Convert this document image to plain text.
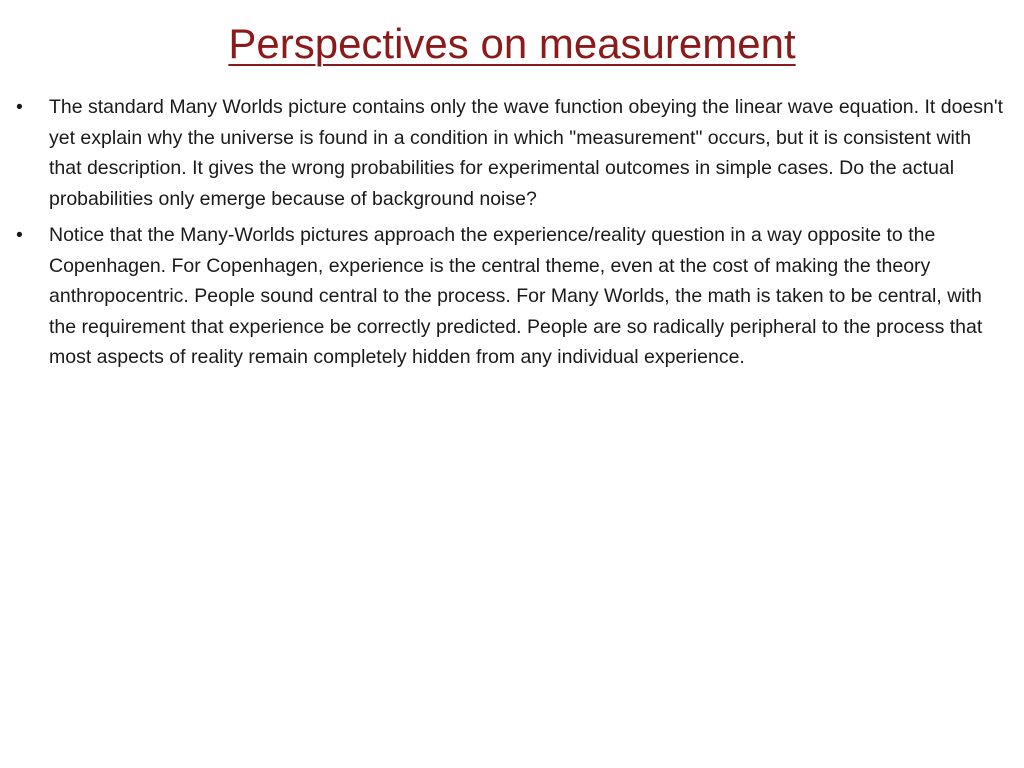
Perspectives on measurement
•	The standard Many Worlds picture contains only the wave function obeying the linear wave equation. It doesn't yet explain why the universe is found in a condition in which "measurement" occurs, but it is consistent with that description. It gives the wrong probabilities for experimental outcomes in simple cases. Do the actual probabilities only emerge because of background noise?
•	Notice that the Many-Worlds pictures approach the experience/reality question in a way opposite to the Copenhagen. For Copenhagen, experience is the central theme, even at the cost of making the theory anthropocentric. People sound central to the process. For Many Worlds, the math is taken to be central, with the requirement that experience be correctly predicted. People are so radically peripheral to the process that most aspects of reality remain completely hidden from any individual experience.
